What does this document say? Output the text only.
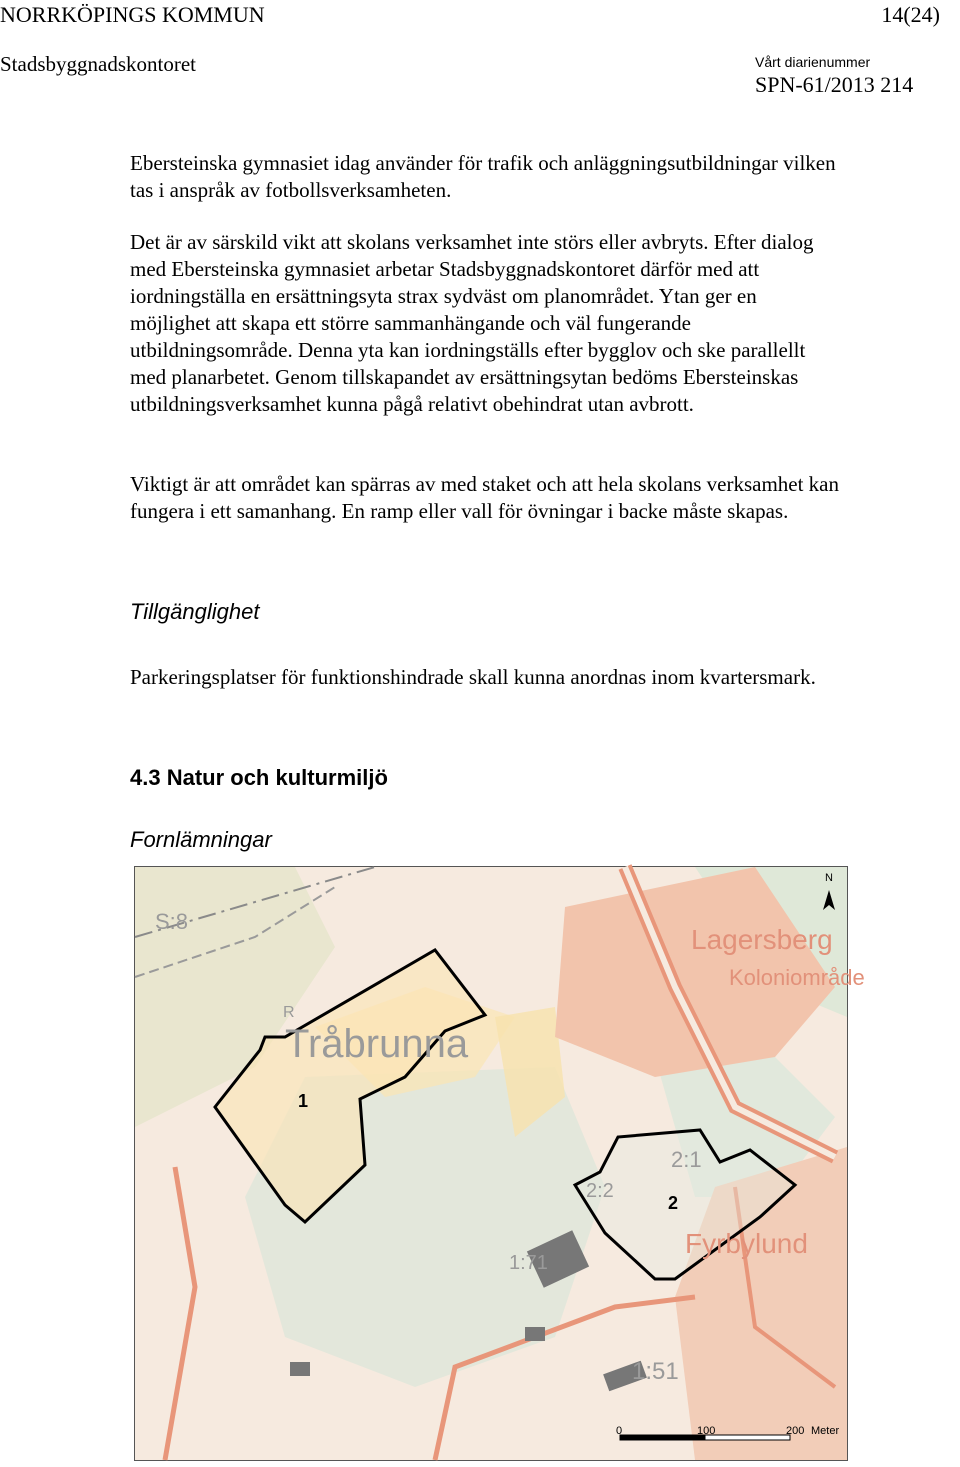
NORRKÖPINGS KOMMUN	14(24)
Stadsbyggnadskontoret	Vårt diarienummer
SPN-61/2013 214

Ebersteinska gymnasiet idag använder för trafik och anläggningsutbildningar vilken tas i anspråk av fotbollsverksamheten.

Det är av särskild vikt att skolans verksamhet inte störs eller avbryts. Efter dialog med Ebersteinska gymnasiet arbetar Stadsbyggnadskontoret därför med att iordningställa en ersättningsyta strax sydväst om planområdet. Ytan ger en möjlighet att skapa ett större sammanhängande och väl fungerande utbildningsområde. Denna yta kan iordningställs efter bygglov och ske parallellt med planarbetet. Genom tillskapandet av ersättningsytan bedöms Ebersteinskas utbildningsverksamhet kunna pågå relativt obehindrat utan avbrott.

Viktigt är att området kan spärras av med staket och att hela skolans verksamhet kan fungera i ett samanhang. En ramp eller vall för övningar i backe måste skapas.

Tillgänglighet

Parkeringsplatser för funktionshindrade skall kunna anordnas inom kvartersmark.

4.3 Natur och kulturmiljö
Fornlämningar
S:8
R
Tråbrunna
Lagersberg
Koloniområde
1
2
2:1
2:2
1:71
1:51
Fyrbylund
N
0	100	200 Meter
